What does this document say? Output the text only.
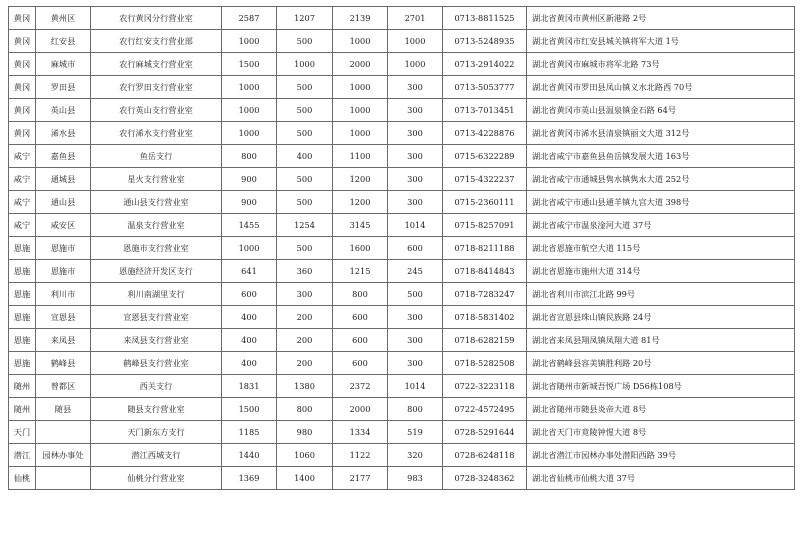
黄冈	黄州区	农行黄冈分行营业室	2587	1207	2139	2701	0713-8811525	湖北省黄冈市黄州区新港路 2号
黄冈	红安县	农行红安支行营业部	1000	500	1000	1000	0713-5248935	湖北省黄冈市红安县城关镇将军大道 1号
黄冈	麻城市	农行麻城支行营业室	1500	1000	2000	1000	0713-2914022	湖北省黄冈市麻城市将军北路 73号
黄冈	罗田县	农行罗田支行营业室	1000	500	1000	300	0713-5053777	湖北省黄冈市罗田县凤山镇义水北路西 70号
黄冈	英山县	农行英山支行营业室	1000	500	1000	300	0713-7013451	湖北省黄冈市英山县温泉镇金石路 64号
黄冈	浠水县	农行浠水支行营业室	1000	500	1000	300	0713-4228876	湖北省黄冈市浠水县清泉镇丽文大道 312号
咸宁	嘉鱼县	鱼岳支行	800	400	1100	300	0715-6322289	湖北省咸宁市嘉鱼县鱼岳镇发展大道 163号
咸宁	通城县	星火支行营业室	900	500	1200	300	0715-4322237	湖北省咸宁市通城县隽水镇隽水大道 252号
咸宁	通山县	通山县支行营业室	900	500	1200	300	0715-2360111	湖北省咸宁市通山县通羊镇九宫大道 398号
咸宁	咸安区	温泉支行营业室	1455	1254	3145	1014	0715-8257091	湖北省咸宁市温泉淦河大道 37号
恩施	恩施市	恩施市支行营业室	1000	500	1600	600	0718-8211188	湖北省恩施市航空大道 115号
恩施	恩施市	恩施经济开发区支行	641	360	1215	245	0718-8414843	湖北省恩施市施州大道 314号
恩施	利川市	利川南湖里支行	600	300	800	500	0718-7283247	湖北省利川市滨江北路 99号
恩施	宣恩县	宣恩县支行营业室	400	200	600	300	0718-5831402	湖北省宣恩县珠山镇民族路 24号
恩施	来凤县	来凤县支行营业室	400	200	600	300	0718-6282159	湖北省来凤县翔凤镇凤翔大道 81号
恩施	鹤峰县	鹤峰县支行营业室	400	200	600	300	0718-5282508	湖北省鹤峰县容美镇胜利路 20号
随州	曾都区	西关支行	1831	1380	2372	1014	0722-3223118	湖北省随州市新城吾悦广场 D56栋108号
随州	随县	随县支行营业室	1500	800	2000	800	0722-4572495	湖北省随州市随县炎帝大道 8号
天门		天门新东方支行	1185	980	1334	519	0728-5291644	湖北省天门市竟陵钟惺大道 8号
潜江	园林办事处	潜江西城支行	1440	1060	1122	320	0728-6248118	湖北省潜江市园林办事处潜阳西路 39号
仙桃		仙桃分行营业室	1369	1400	2177	983	0728-3248362	湖北省仙桃市仙桃大道 37号
